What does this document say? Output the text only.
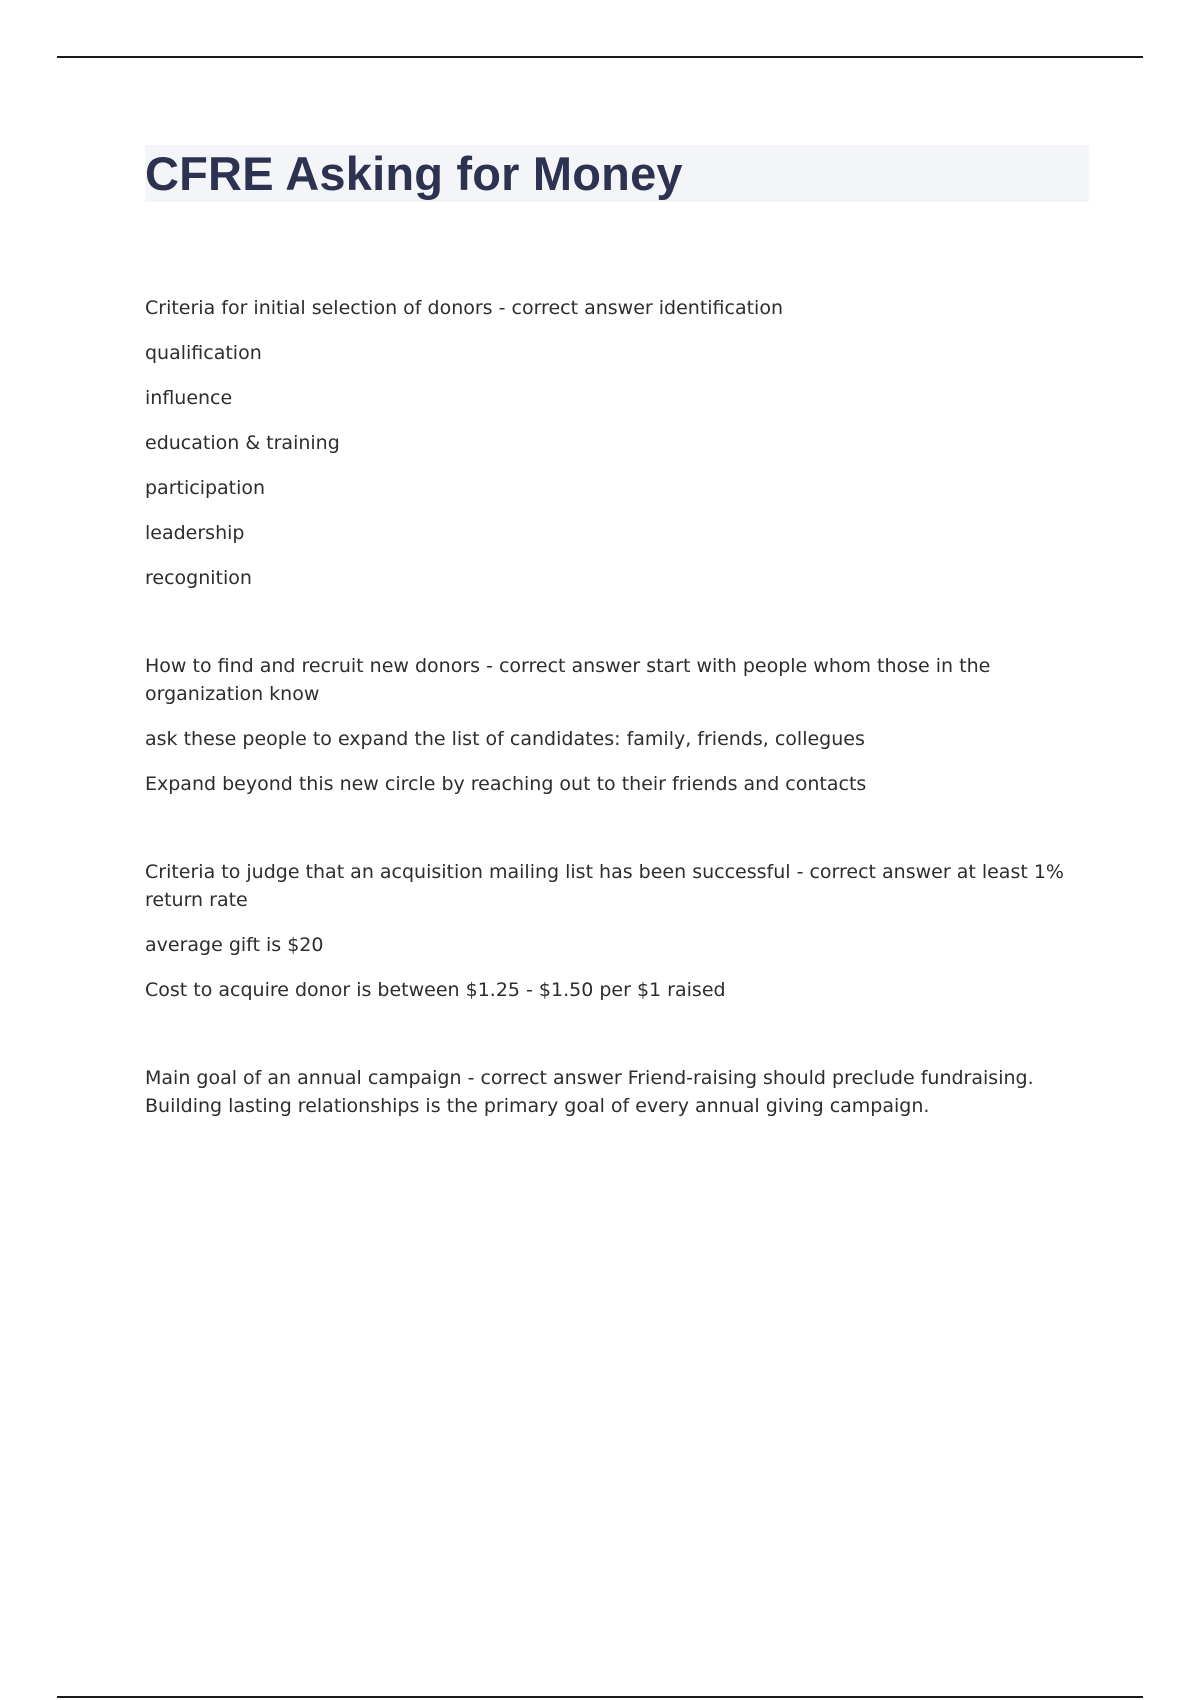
CFRE Asking for Money

Criteria for initial selection of donors - correct answer identification

qualification

influence

education & training

participation

leadership

recognition

How to find and recruit new donors - correct answer start with people whom those in the organization know

ask these people to expand the list of candidates: family, friends, collegues

Expand beyond this new circle by reaching out to their friends and contacts

Criteria to judge that an acquisition mailing list has been successful - correct answer at least 1% return rate

average gift is $20

Cost to acquire donor is between $1.25 - $1.50 per $1 raised

Main goal of an annual campaign - correct answer Friend-raising should preclude fundraising. Building lasting relationships is the primary goal of every annual giving campaign.
